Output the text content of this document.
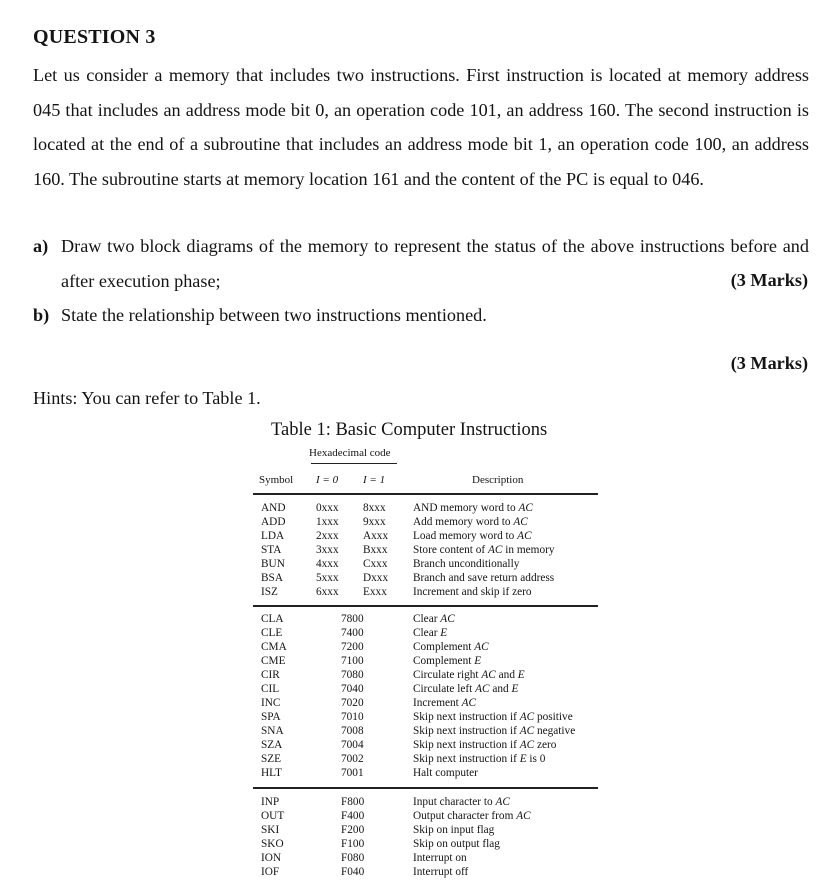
QUESTION 3
Let us consider a memory that includes two instructions. First instruction is located at memory address 045 that includes an address mode bit 0, an operation code 101, an address 160. The second instruction is located at the end of a subroutine that includes an address mode bit 1, an operation code 100, an address 160. The subroutine starts at memory location 161 and the content of the PC is equal to 046.
a) Draw two block diagrams of the memory to represent the status of the above instructions before and after execution phase;	(3 Marks)
b) State the relationship between two instructions mentioned.
(3 Marks)
Hints: You can refer to Table 1.
Table 1: Basic Computer Instructions
Hexadecimal code
Symbol I = 0 I = 1	Description
AND	0xxx 8xxx AND memory word to AC
ADD	1xxx 9xxx Add memory word to AC
LDA	2xxx Axxx Load memory word to AC
STA	3xxx Bxxx Store content of AC in memory
BUN	4xxx Cxxx Branch unconditionally
BSA	5xxx Dxxx Branch and save return address
ISZ	6xxx Exxx Increment and skip if zero
CLA	7800	Clear AC
CLE	7400	Clear E
CMA	7200	Complement AC
CME	7100	Complement E
CIR	7080	Circulate right AC and E
CIL	7040	Circulate left AC and E
INC	7020	Increment AC
SPA	7010	Skip next instruction if AC positive
SNA	7008	Skip next instruction if AC negative
SZA	7004	Skip next instruction if AC zero
SZE	7002	Skip next instruction if E is 0
HLT	7001	Halt computer
INP	F800	Input character to AC
OUT	F400	Output character from AC
SKI	F200	Skip on input flag
SKO	F100	Skip on output flag
ION	F080	Interrupt on
IOF	F040	Interrupt off
